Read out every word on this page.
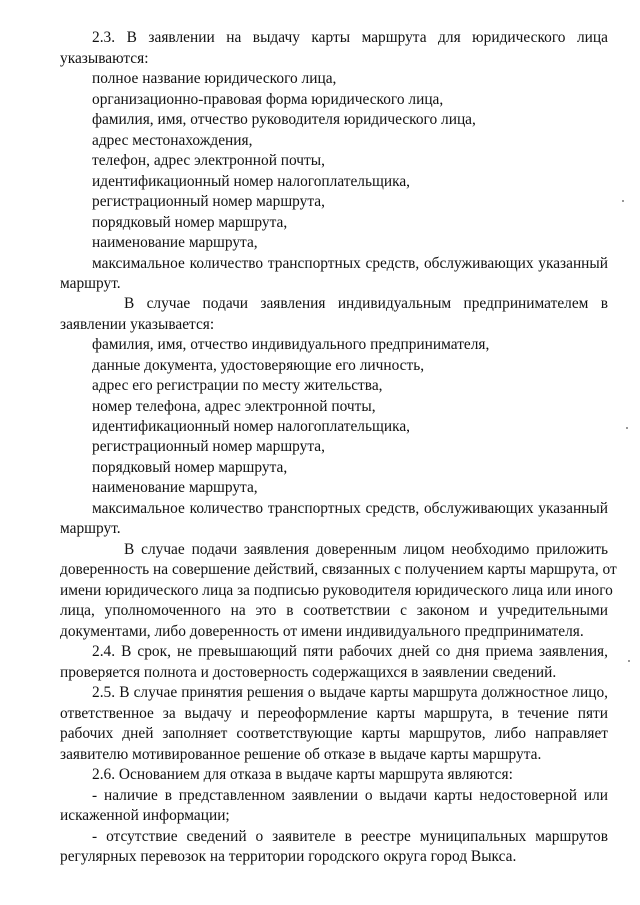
2.3. В заявлении на выдачу карты маршрута для юридического лица
указываются:
полное название юридического лица,
организационно-правовая форма юридического лица,
фамилия, имя, отчество руководителя юридического лица,
адрес местонахождения,
телефон, адрес электронной почты,
идентификационный номер налогоплательщика,
регистрационный номер маршрута,
порядковый номер маршрута,
наименование маршрута,
максимальное количество транспортных средств, обслуживающих указанный
маршрут.
В случае подачи заявления индивидуальным предпринимателем в
заявлении указывается:
фамилия, имя, отчество индивидуального предпринимателя,
данные документа, удостоверяющие его личность,
адрес его регистрации по месту жительства,
номер телефона, адрес электронной почты,
идентификационный номер налогоплательщика,
регистрационный номер маршрута,
порядковый номер маршрута,
наименование маршрута,
максимальное количество транспортных средств, обслуживающих указанный
маршрут.
В случае подачи заявления доверенным лицом необходимо приложить
доверенность на совершение действий, связанных с получением карты маршрута, от
имени юридического лица за подписью руководителя юридического лица или иного
лица, уполномоченного на это в соответствии с законом и учредительными
документами, либо доверенность от имени индивидуального предпринимателя.
2.4. В срок, не превышающий пяти рабочих дней со дня приема заявления,
проверяется полнота и достоверность содержащихся в заявлении сведений.
2.5. В случае принятия решения о выдаче карты маршрута должностное лицо,
ответственное за выдачу и переоформление карты маршрута, в течение пяти
рабочих дней заполняет соответствующие карты маршрутов, либо направляет
заявителю мотивированное решение об отказе в выдаче карты маршрута.
2.6. Основанием для отказа в выдаче карты маршрута являются:
- наличие в представленном заявлении о выдачи карты недостоверной или
искаженной информации;
- отсутствие сведений о заявителе в реестре муниципальных маршрутов
регулярных перевозок на территории городского округа город Выкса.
